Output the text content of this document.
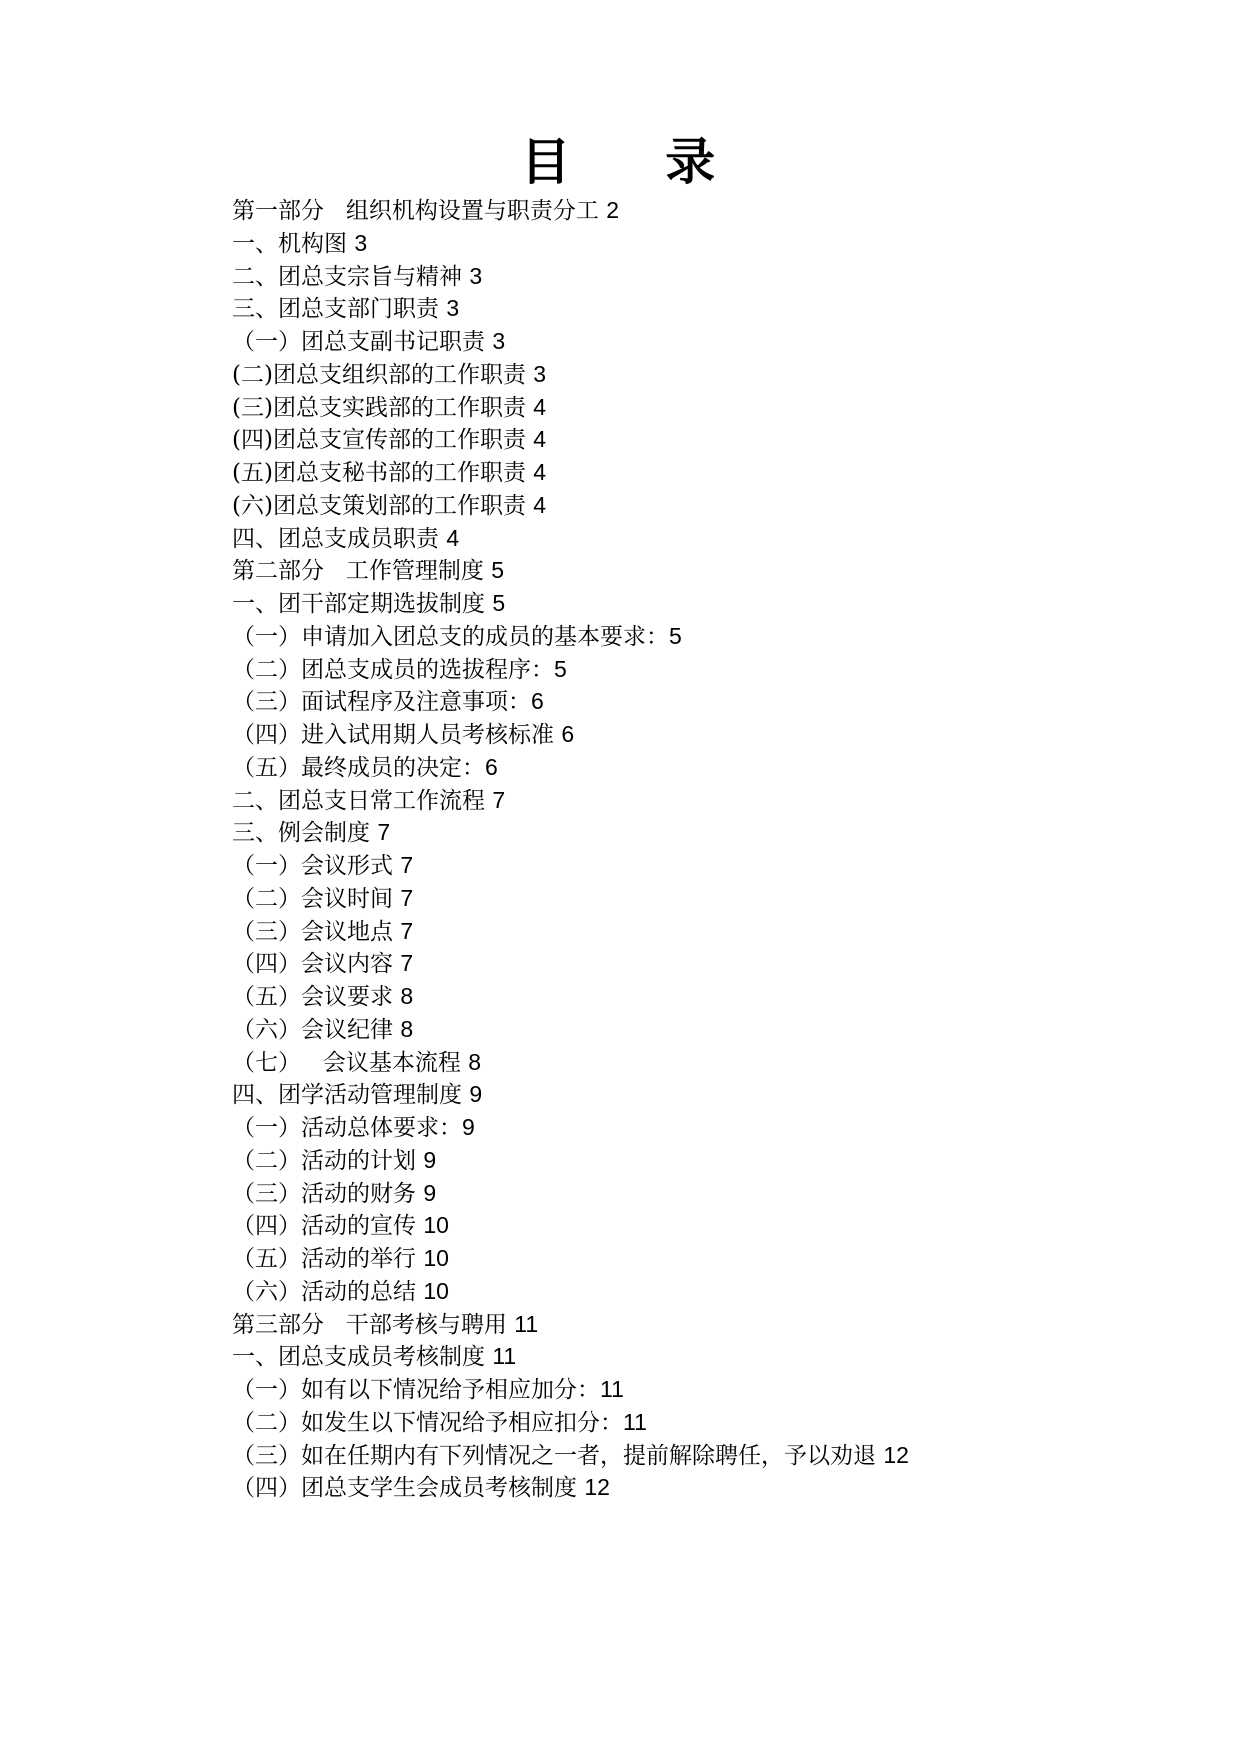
目    录
第一部分   组织机构设置与职责分工 2
一、机构图 3
二、团总支宗旨与精神 3
三、团总支部门职责 3
（一）团总支副书记职责 3
(二)团总支组织部的工作职责 3
(三)团总支实践部的工作职责 4
(四)团总支宣传部的工作职责 4
(五)团总支秘书部的工作职责 4
(六)团总支策划部的工作职责 4
四、团总支成员职责 4
第二部分   工作管理制度 5
一、团干部定期选拔制度 5
（一）申请加入团总支的成员的基本要求：5
（二）团总支成员的选拔程序：5
（三）面试程序及注意事项：6
（四）进入试用期人员考核标准 6
（五）最终成员的决定：6
二、团总支日常工作流程 7
三、例会制度 7
（一）会议形式 7
（二）会议时间 7
（三）会议地点 7
（四）会议内容 7
（五）会议要求 8
（六）会议纪律 8
（七）   会议基本流程 8
四、团学活动管理制度 9
（一）活动总体要求：9
（二）活动的计划 9
（三）活动的财务 9
（四）活动的宣传 10
（五）活动的举行 10
（六）活动的总结 10
第三部分   干部考核与聘用 11
一、团总支成员考核制度 11
（一）如有以下情况给予相应加分：11
（二）如发生以下情况给予相应扣分：11
（三）如在任期内有下列情况之一者，提前解除聘任，予以劝退 12
（四）团总支学生会成员考核制度 12
